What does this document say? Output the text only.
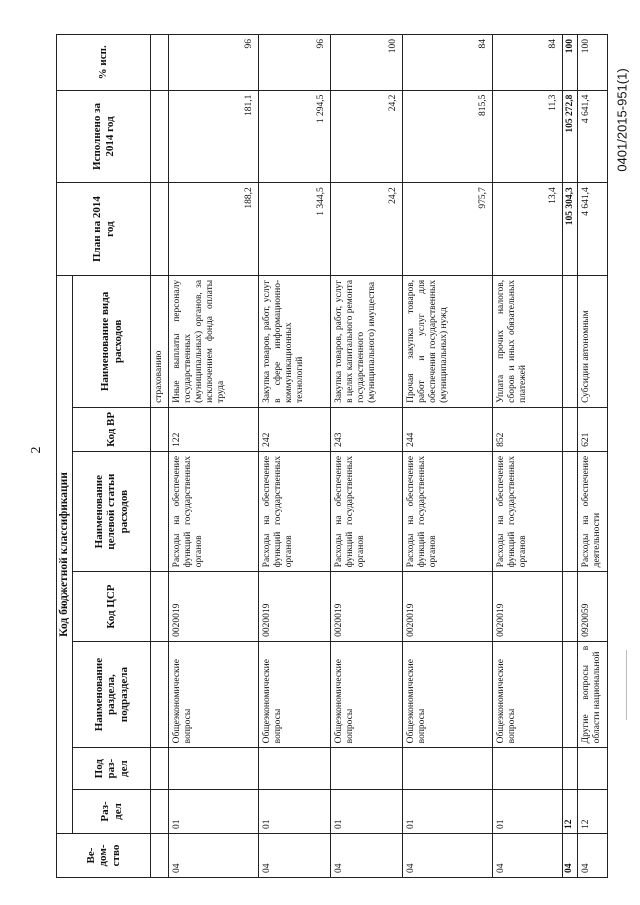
2
Ве-дом-ство	Код бюджетной классификации							План на 2014 год	Исполнено за 2014 год	% исп.
	Раз-дел	Под раз-дел	Наименование раздела, подраздела	Код ЦСР	Наименование целевой статьи расходов	Код ВР	Наименование вида расходов			
							страхованию			
04	01		Общеэкономические вопросы	0020019	Расходы на обеспечение функций государственных органов	122	Иные выплаты персоналу государственных (муниципальных) органов, за исключением фонда оплаты труда	188,2	181,1	96
04	01		Общеэкономические вопросы	0020019	Расходы на обеспечение функций государственных органов	242	Закупка товаров, работ, услуг в сфере информационно-коммуникационных технологий	1 344,5	1 294,5	96
04	01		Общеэкономические вопросы	0020019	Расходы на обеспечение функций государственных органов	243	Закупка товаров, работ, услуг в целях капитального ремонта государственного (муниципального) имущества	24,2	24,2	100
04	01		Общеэкономические вопросы	0020019	Расходы на обеспечение функций государственных органов	244	Прочая закупка товаров, работ и услуг для обеспечения государственных (муниципальных) нужд	975,7	815,5	84
04	01		Общеэкономические вопросы	0020019	Расходы на обеспечение функций государственных органов	852	Уплата прочих налогов, сборов и иных обязательных платежей	13,4	11,3	84
04	12							105 304,3	105 272,8	100
04	12		Другие вопросы в области национальной	0920059	Расходы на обеспечение деятельности	621	Субсидии автономным	4 641,4	4 641,4	100
0401/2015-951(1)
